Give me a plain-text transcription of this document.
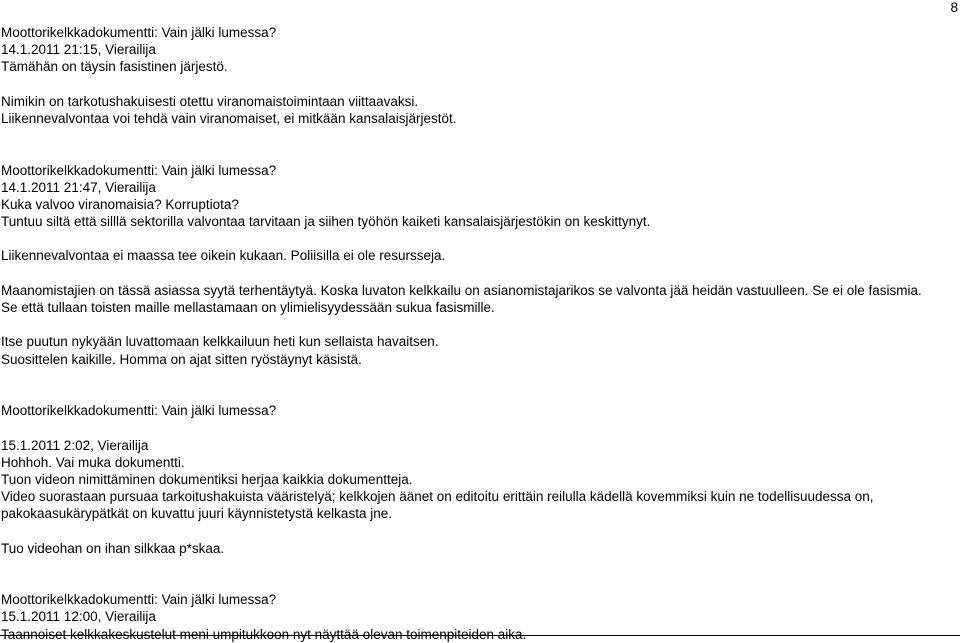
8
Moottorikelkkadokumentti: Vain jälki lumessa?
14.1.2011 21:15, Vierailija
Tämähän on täysin fasistinen järjestö.
Nimikin on tarkotushakuisesti otettu viranomaistoimintaan viittaavaksi.
Liikennevalvontaa voi tehdä vain viranomaiset, ei mitkään kansalaisjärjestöt.
Moottorikelkkadokumentti: Vain jälki lumessa?
14.1.2011 21:47, Vierailija
Kuka valvoo viranomaisia? Korruptiota?
Tuntuu siltä että silllä sektorilla valvontaa tarvitaan ja siihen työhön kaiketi kansalaisjärjestökin on keskittynyt.
Liikennevalvontaa ei maassa tee oikein kukaan. Poliisilla ei ole resursseja.
Maanomistajien on tässä asiassa syytä terhentäytyä. Koska luvaton kelkkailu on asianomistajarikos se valvonta jää heidän vastuulleen. Se ei ole fasismia.
Se että tullaan toisten maille mellastamaan on ylimielisyydessään sukua fasismille.
Itse puutun nykyään luvattomaan kelkkailuun heti kun sellaista havaitsen.
Suosittelen kaikille. Homma on ajat sitten ryöstäynyt käsistä.
Moottorikelkkadokumentti: Vain jälki lumessa?
15.1.2011 2:02, Vierailija
Hohhoh. Vai muka dokumentti.
Tuon videon nimittäminen dokumentiksi herjaa kaikkia dokumentteja.
Video suorastaan pursuaa tarkoitushakuista vääristelyä; kelkkojen äänet on editoitu erittäin reilulla kädellä kovemmiksi kuin ne todellisuudessa on, pakokaasukärypätkät on kuvattu juuri käynnistetystä kelkasta jne.
Tuo videohan on ihan silkkaa p*skaa.
Moottorikelkkadokumentti: Vain jälki lumessa?
15.1.2011 12:00, Vierailija
